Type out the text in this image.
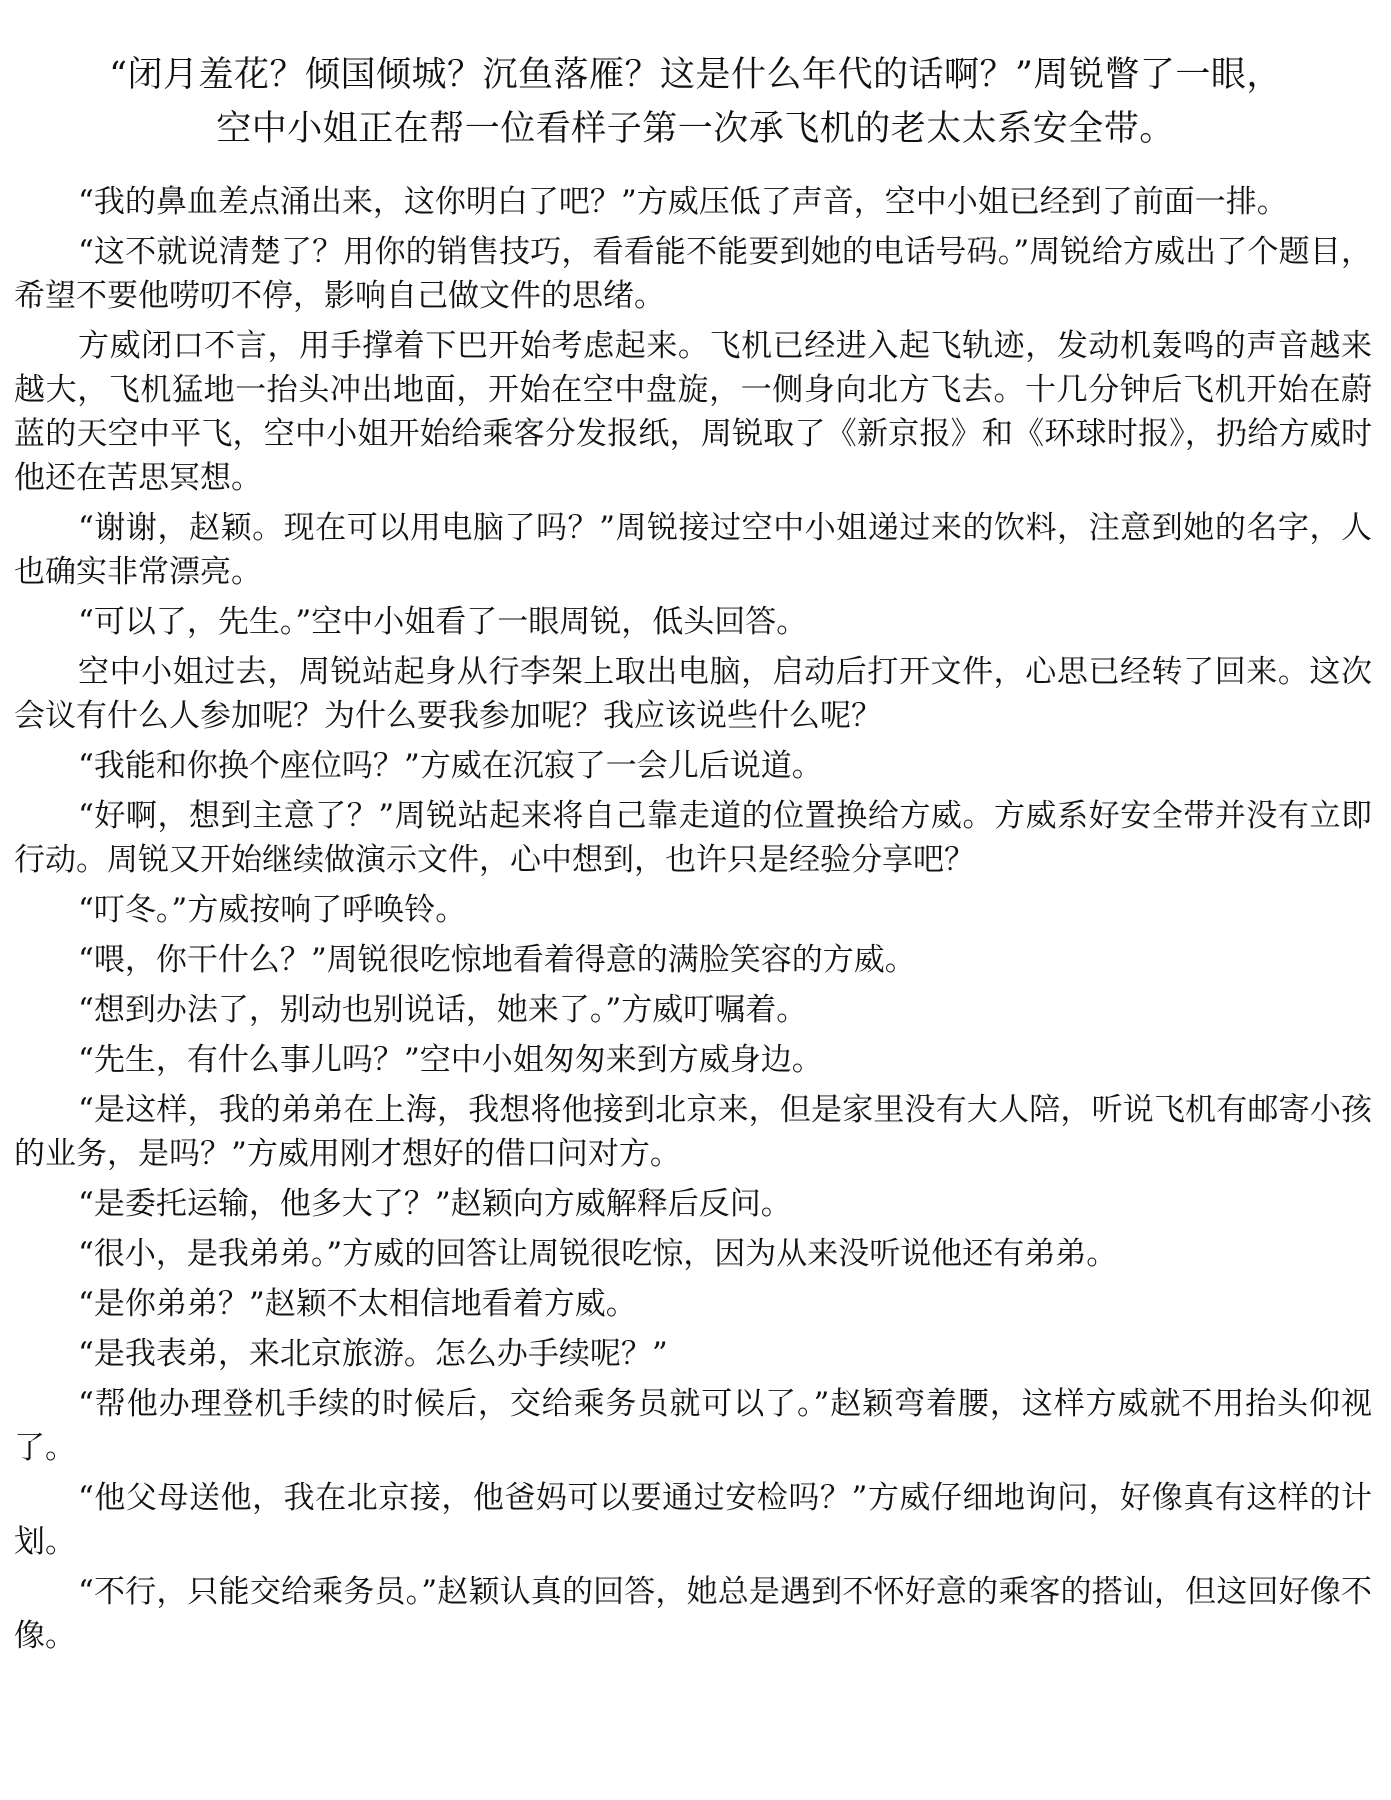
“闭月羞花？倾国倾城？沉鱼落雁？这是什么年代的话啊？”周锐瞥了一眼，
空中小姐正在帮一位看样子第一次承飞机的老太太系安全带。

“我的鼻血差点涌出来，这你明白了吧？”方威压低了声音，空中小姐已经到了前面一排。

“这不就说清楚了？用你的销售技巧，看看能不能要到她的电话号码。”周锐给方威出了个题目，希望不要他唠叨不停，影响自己做文件的思绪。

方威闭口不言，用手撑着下巴开始考虑起来。飞机已经进入起飞轨迹，发动机轰鸣的声音越来越大，飞机猛地一抬头冲出地面，开始在空中盘旋，一侧身向北方飞去。十几分钟后飞机开始在蔚蓝的天空中平飞，空中小姐开始给乘客分发报纸，周锐取了《新京报》和《环球时报》，扔给方威时他还在苦思冥想。

“谢谢，赵颖。现在可以用电脑了吗？”周锐接过空中小姐递过来的饮料，注意到她的名字，人也确实非常漂亮。

“可以了，先生。”空中小姐看了一眼周锐，低头回答。

空中小姐过去，周锐站起身从行李架上取出电脑，启动后打开文件，心思已经转了回来。这次会议有什么人参加呢？为什么要我参加呢？我应该说些什么呢？

“我能和你换个座位吗？”方威在沉寂了一会儿后说道。

“好啊，想到主意了？”周锐站起来将自己靠走道的位置换给方威。方威系好安全带并没有立即行动。周锐又开始继续做演示文件，心中想到，也许只是经验分享吧？

“叮冬。”方威按响了呼唤铃。

“喂，你干什么？”周锐很吃惊地看着得意的满脸笑容的方威。

“想到办法了，别动也别说话，她来了。”方威叮嘱着。

“先生，有什么事儿吗？”空中小姐匆匆来到方威身边。

“是这样，我的弟弟在上海，我想将他接到北京来，但是家里没有大人陪，听说飞机有邮寄小孩的业务，是吗？”方威用刚才想好的借口问对方。

“是委托运输，他多大了？”赵颖向方威解释后反问。

“很小，是我弟弟。”方威的回答让周锐很吃惊，因为从来没听说他还有弟弟。

“是你弟弟？”赵颖不太相信地看着方威。

“是我表弟，来北京旅游。怎么办手续呢？”

“帮他办理登机手续的时候后，交给乘务员就可以了。”赵颖弯着腰，这样方威就不用抬头仰视了。

“他父母送他，我在北京接，他爸妈可以要通过安检吗？”方威仔细地询问，好像真有这样的计划。

“不行，只能交给乘务员。”赵颖认真的回答，她总是遇到不怀好意的乘客的搭讪，但这回好像不像。
